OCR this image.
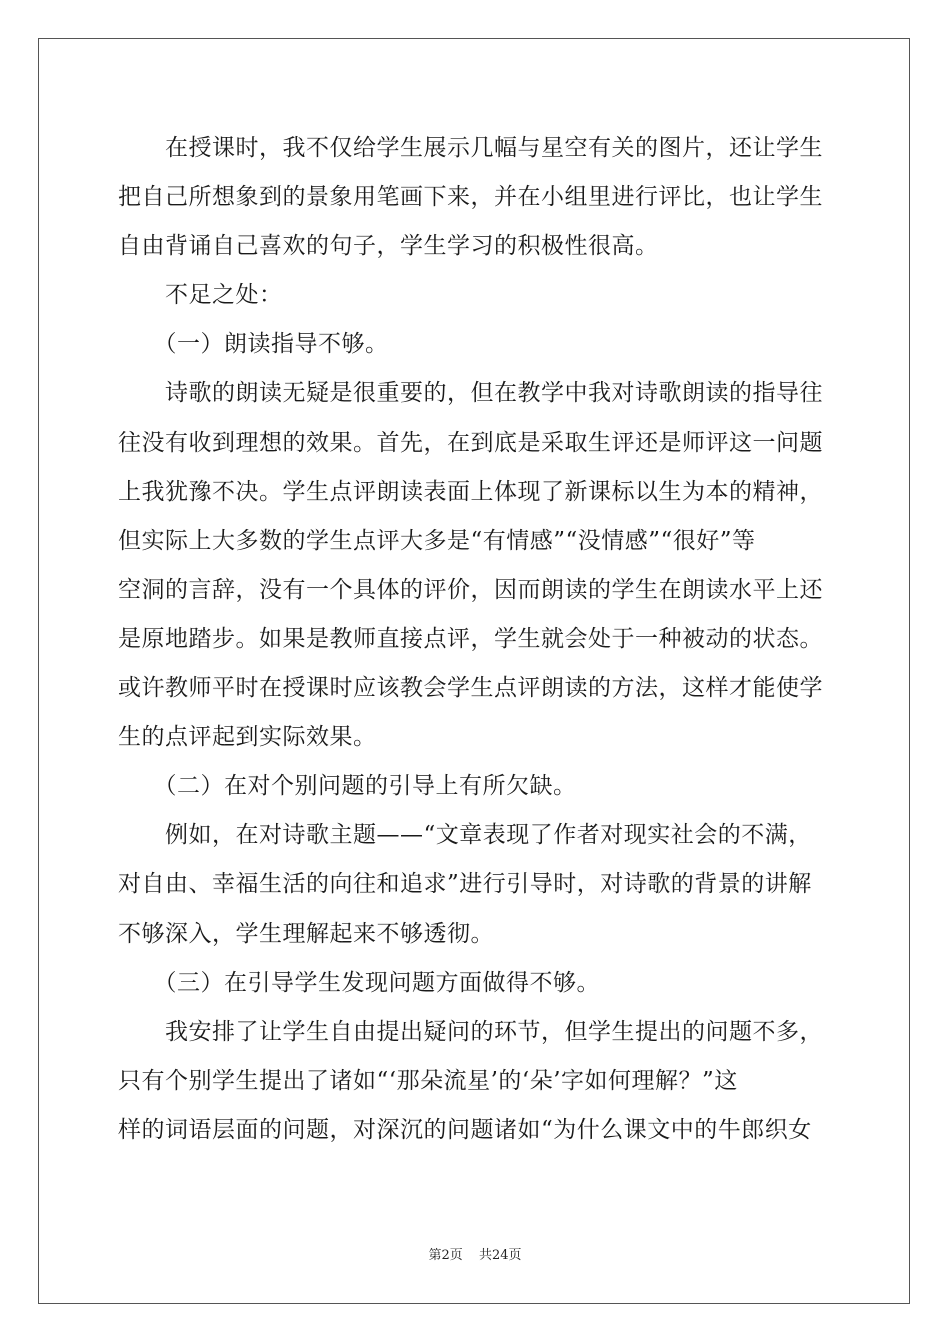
　　在授课时，我不仅给学生展示几幅与星空有关的图片，还让学生
把自己所想象到的景象用笔画下来，并在小组里进行评比，也让学生
自由背诵自己喜欢的句子，学生学习的积极性很高。
　　不足之处：
　　（一）朗读指导不够。
　　诗歌的朗读无疑是很重要的，但在教学中我对诗歌朗读的指导往
往没有收到理想的效果。首先，在到底是采取生评还是师评这一问题
上我犹豫不决。学生点评朗读表面上体现了新课标以生为本的精神，
但实际上大多数的学生点评大多是“有情感”“没情感”“很好”等
空洞的言辞，没有一个具体的评价，因而朗读的学生在朗读水平上还
是原地踏步。如果是教师直接点评，学生就会处于一种被动的状态。
或许教师平时在授课时应该教会学生点评朗读的方法，这样才能使学
生的点评起到实际效果。
　　（二）在对个别问题的引导上有所欠缺。
　　例如，在对诗歌主题——“文章表现了作者对现实社会的不满，
对自由、幸福生活的向往和追求”进行引导时，对诗歌的背景的讲解
不够深入，学生理解起来不够透彻。
　　（三）在引导学生发现问题方面做得不够。
　　我安排了让学生自由提出疑问的环节，但学生提出的问题不多，
只有个别学生提出了诸如“‘那朵流星’的‘朵’字如何理解？”这
样的词语层面的问题，对深沉的问题诸如“为什么课文中的牛郎织女
第2页 共24页
